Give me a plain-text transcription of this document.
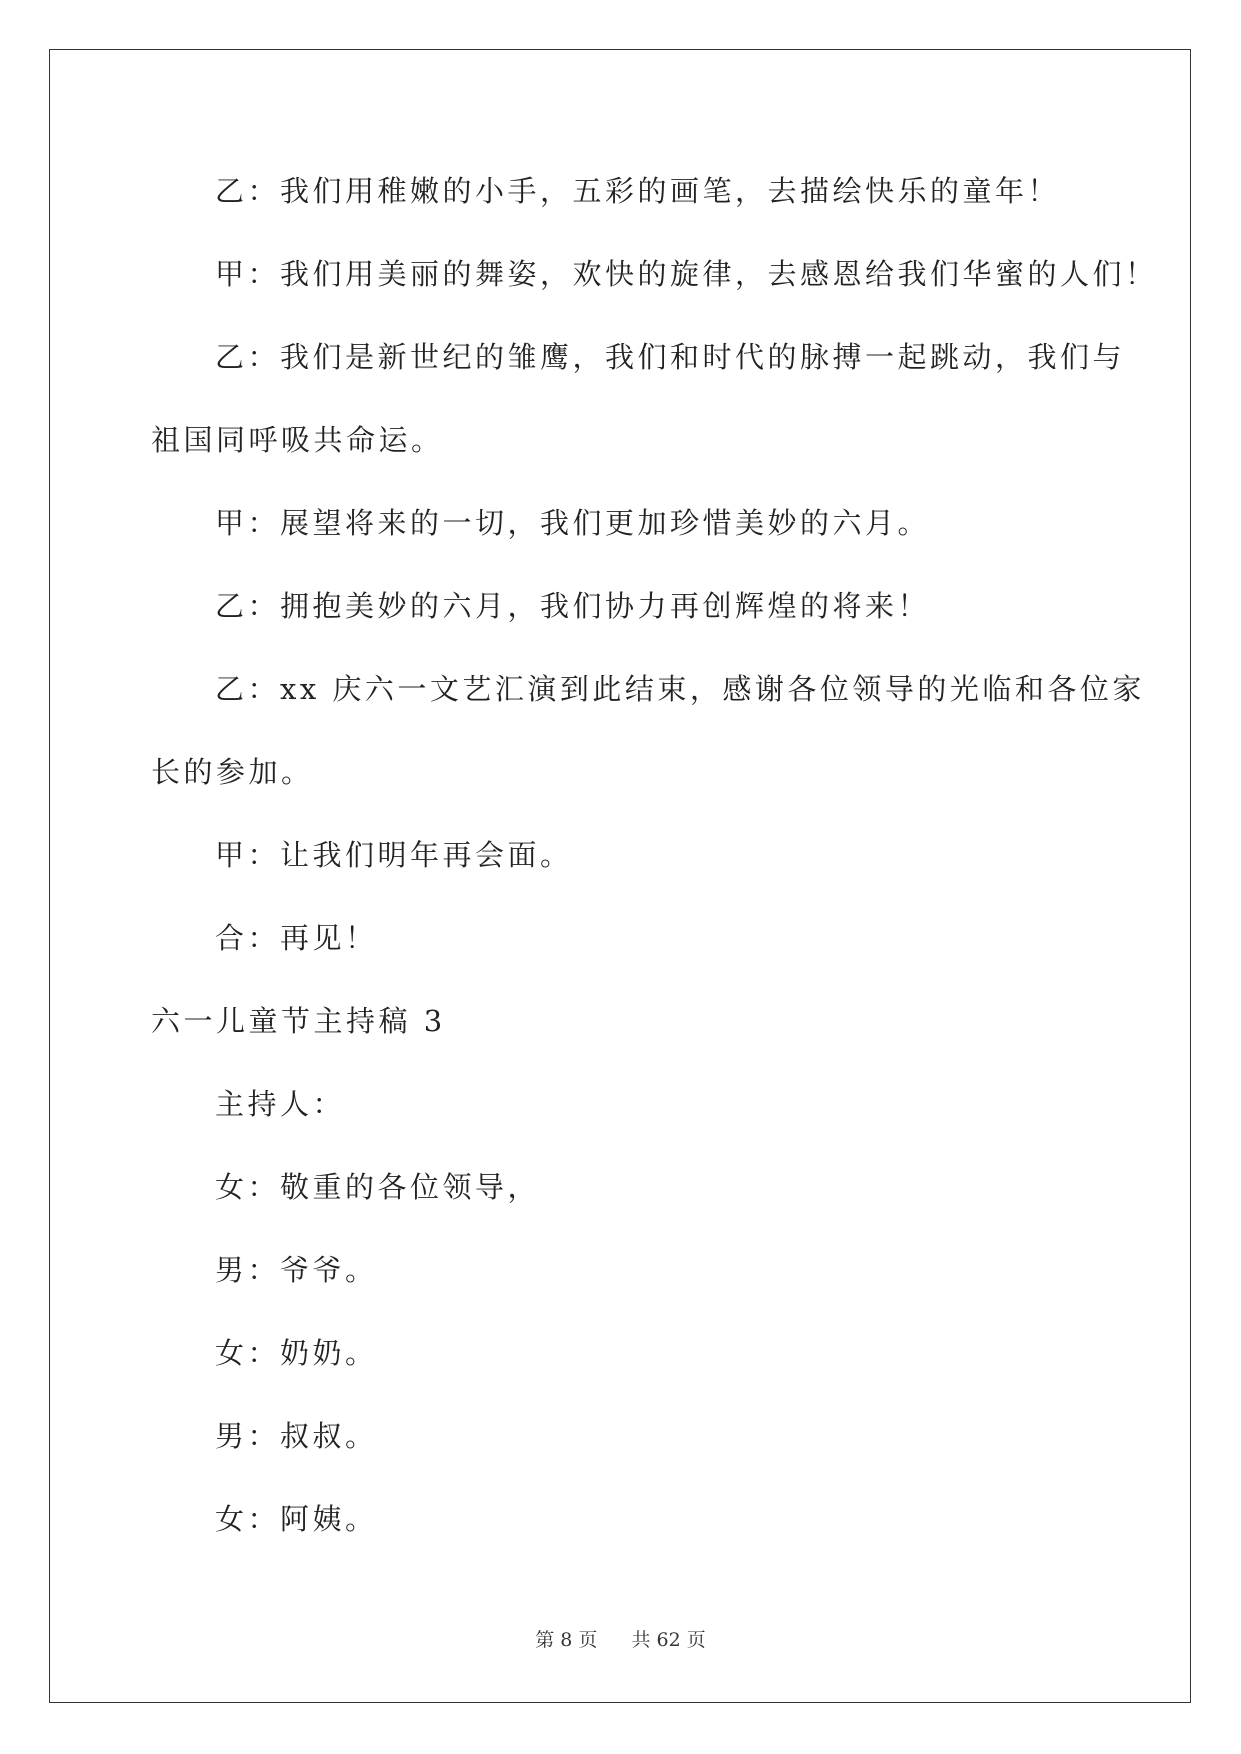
乙：我们用稚嫩的小手，五彩的画笔，去描绘快乐的童年！
甲：我们用美丽的舞姿，欢快的旋律，去感恩给我们华蜜的人们！
乙：我们是新世纪的雏鹰，我们和时代的脉搏一起跳动，我们与
祖国同呼吸共命运。
甲：展望将来的一切，我们更加珍惜美妙的六月。
乙：拥抱美妙的六月，我们协力再创辉煌的将来！
乙：xx 庆六一文艺汇演到此结束，感谢各位领导的光临和各位家
长的参加。
甲：让我们明年再会面。
合：再见！
六一儿童节主持稿 3
主持人：
女：敬重的各位领导，
男：爷爷。
女：奶奶。
男：叔叔。
女：阿姨。
第 8 页 共 62 页
